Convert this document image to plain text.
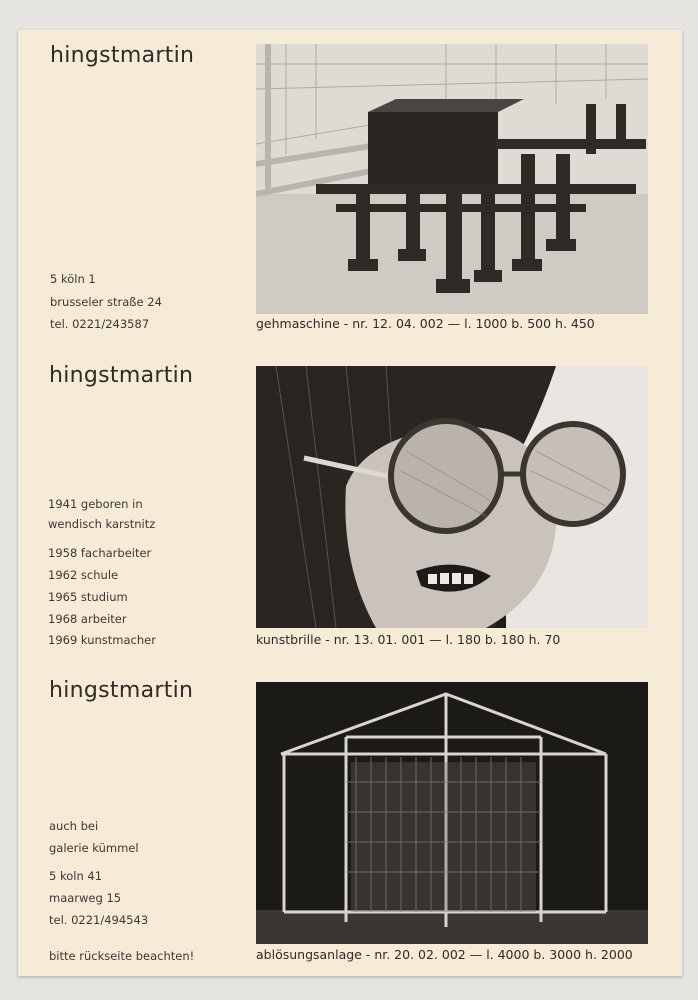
hingstmartin
5 köln 1
brusseler straße 24
tel. 0221/243587	gehmaschine - nr. 12. 04. 002 — l. 1000 b. 500 h. 450
hingstmartin
1941 geboren in
wendisch karstnitz
1958 facharbeiter
1962 schule
1965 studium
1968 arbeiter
1969 kunstmacher	kunstbrille - nr. 13. 01. 001 — l. 180 b. 180 h. 70
hingstmartin
auch bei
galerie kümmel
5 koln 41
maarweg 15
tel. 0221/494543
bitte rückseite beachten!	ablösungsanlage - nr. 20. 02. 002 — l. 4000 b. 3000 h. 2000
